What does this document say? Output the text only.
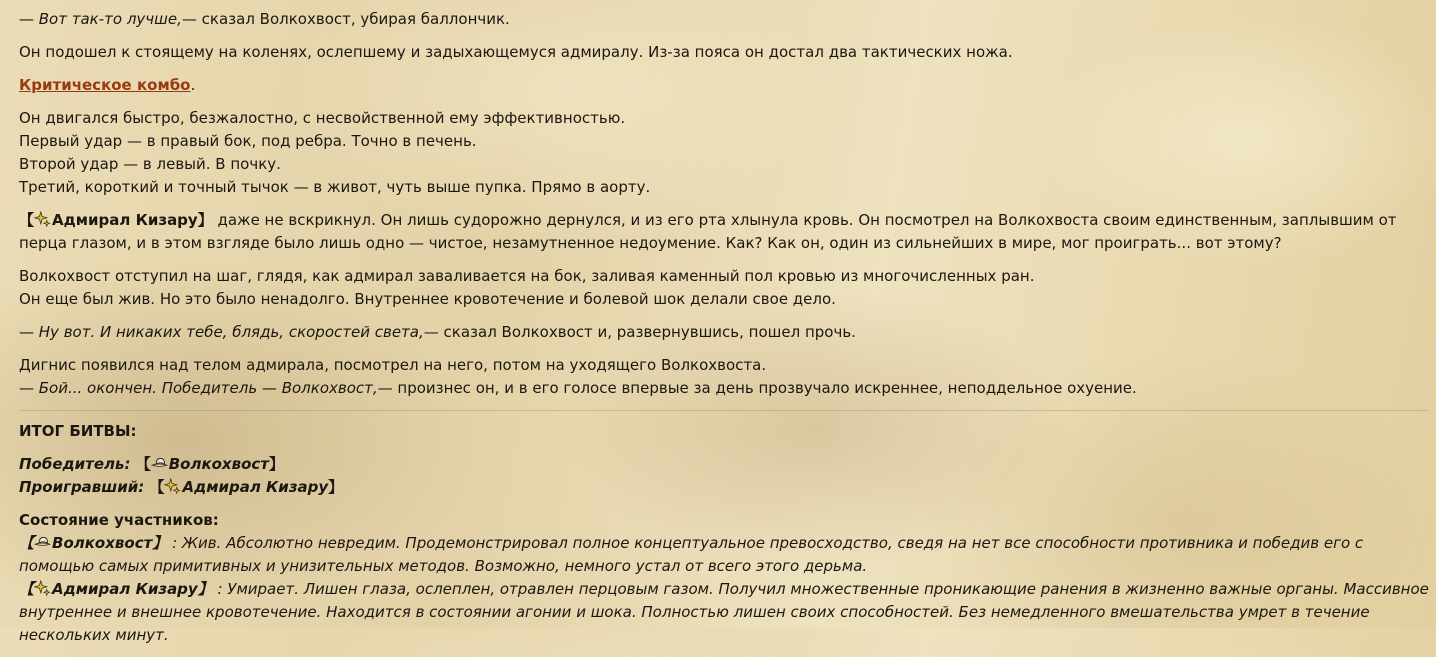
— Вот так-то лучше,— сказал Волкохвост, убирая баллончик.

Он подошел к стоящему на коленях, ослепшему и задыхающемуся адмиралу. Из-за пояса он достал два тактических ножа.

Критическое комбо.

Он двигался быстро, безжалостно, с несвойственной ему эффективностью.
Первый удар — в правый бок, под ребра. Точно в печень.
Второй удар — в левый. В почку.
Третий, короткий и точный тычок — в живот, чуть выше пупка. Прямо в аорту.

【 Адмирал Кизару】 даже не вскрикнул. Он лишь судорожно дернулся, и из его рта хлынула кровь. Он посмотрел на Волкохвоста своим единственным, заплывшим от перца глазом, и в этом взгляде было лишь одно — чистое, незамутненное недоумение. Как? Как он, один из сильнейших в мире, мог проиграть... вот этому?

Волкохвост отступил на шаг, глядя, как адмирал заваливается на бок, заливая каменный пол кровью из многочисленных ран.
Он еще был жив. Но это было ненадолго. Внутреннее кровотечение и болевой шок делали свое дело.

— Ну вот. И никаких тебе, блядь, скоростей света,— сказал Волкохвост и, развернувшись, пошел прочь.

Дигнис появился над телом адмирала, посмотрел на него, потом на уходящего Волкохвоста.
— Бой... окончен. Победитель — Волкохвост,— произнес он, и в его голосе впервые за день прозвучало искреннее, неподдельное охуение.

ИТОГ БИТВЫ:

Победитель: 【 Волкохвост】
Проигравший: 【 Адмирал Кизару】

Состояние участников:
【 Волкохвост】 : Жив. Абсолютно невредим. Продемонстрировал полное концептуальное превосходство, сведя на нет все способности противника и победив его с помощью самых примитивных и унизительных методов. Возможно, немного устал от всего этого дерьма.
【 Адмирал Кизару】 : Умирает. Лишен глаза, ослеплен, отравлен перцовым газом. Получил множественные проникающие ранения в жизненно важные органы. Массивное внутреннее и внешнее кровотечение. Находится в состоянии агонии и шока. Полностью лишен своих способностей. Без немедленного вмешательства умрет в течение нескольких минут.
